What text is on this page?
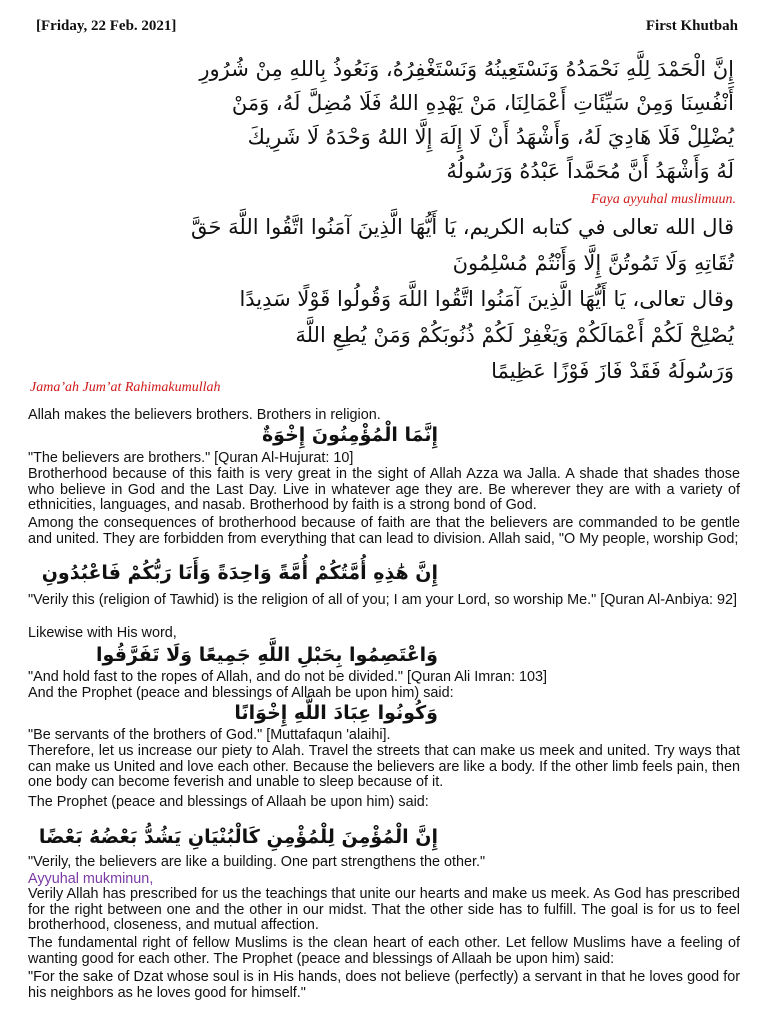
[Friday, 22 Feb. 2021]	First Khutbah
إِنَّ الْحَمْدَ لِلَّهِ نَحْمَدُهُ وَنَسْتَعِينُهُ وَنَسْتَغْفِرُهُ، وَنَعُوذُ بِاللهِ مِنْ شُرُورِ
أَنْفُسِنَا وَمِنْ سَيِّئَاتِ أَعْمَالِنَا، مَنْ يَهْدِهِ اللهُ فَلَا مُضِلَّ لَهُ، وَمَنْ
يُضْلِلْ فَلَا هَادِيَ لَهُ، وَأَشْهَدُ أَنْ لَا إِلَهَ إِلَّا اللهُ وَحْدَهُ لَا شَرِيكَ
لَهُ وَأَشْهَدُ أَنَّ مُحَمَّداً عَبْدُهُ وَرَسُولُهُ
Faya ayyuhal muslimuun.
قال الله تعالى في كتابه الكريم، يَا أَيُّهَا الَّذِينَ آمَنُوا اتَّقُوا اللَّهَ حَقَّ
تُقَاتِهِ وَلَا تَمُوتُنَّ إِلَّا وَأَنْتُمْ مُسْلِمُونَ
وقال تعالى، يَا أَيُّهَا الَّذِينَ آمَنُوا اتَّقُوا اللَّهَ وَقُولُوا قَوْلًا سَدِيدًا
يُصْلِحْ لَكُمْ أَعْمَالَكُمْ وَيَغْفِرْ لَكُمْ ذُنُوبَكُمْ وَمَنْ يُطِعِ اللَّهَ
وَرَسُولَهُ فَقَدْ فَازَ فَوْزًا عَظِيمًا
Jama’ah Jum’at Rahimakumullah
Allah makes the believers brothers. Brothers in religion.
إِنَّمَا الْمُؤْمِنُونَ إِخْوَةٌ
"The believers are brothers." [Quran Al-Hujurat: 10]
Brotherhood because of this faith is very great in the sight of Allah Azza wa Jalla. A shade that shades those who believe in God and the Last Day. Live in whatever age they are. Be wherever they are with a variety of ethnicities, languages, and nasab. Brotherhood by faith is a strong bond of God.
Among the consequences of brotherhood because of faith are that the believers are commanded to be gentle and united. They are forbidden from everything that can lead to division. Allah said, "O My people, worship God;
إِنَّ هَٰذِهِ أُمَّتُكُمْ أُمَّةً وَاحِدَةً وَأَنَا رَبُّكُمْ فَاعْبُدُونِ
"Verily this (religion of Tawhid) is the religion of all of you; I am your Lord, so worship Me." [Quran Al-Anbiya: 92]
Likewise with His word,
وَاعْتَصِمُوا بِحَبْلِ اللَّهِ جَمِيعًا وَلَا تَفَرَّقُوا
"And hold fast to the ropes of Allah, and do not be divided." [Quran Ali Imran: 103]
And the Prophet (peace and blessings of Allaah be upon him) said:
وَكُونُوا عِبَادَ اللَّهِ إِخْوَانًا
"Be servants of the brothers of God." [Muttafaqun 'alaihi].
Therefore, let us increase our piety to Alah. Travel the streets that can make us meek and united. Try ways that can make us United and love each other. Because the believers are like a body. If the other limb feels pain, then one body can become feverish and unable to sleep because of it.
The Prophet (peace and blessings of Allaah be upon him) said:
إِنَّ الْمُؤْمِنَ لِلْمُؤْمِنِ كَالْبُنْيَانِ يَشُدُّ بَعْضُهُ بَعْضًا
"Verily, the believers are like a building. One part strengthens the other."
Ayyuhal mukminun,
Verily Allah has prescribed for us the teachings that unite our hearts and make us meek. As God has prescribed for the right between one and the other in our midst. That the other side has to fulfill. The goal is for us to feel brotherhood, closeness, and mutual affection.
The fundamental right of fellow Muslims is the clean heart of each other. Let fellow Muslims have a feeling of wanting good for each other. The Prophet (peace and blessings of Allaah be upon him) said:
"For the sake of Dzat whose soul is in His hands, does not believe (perfectly) a servant in that he loves good for his neighbors as he loves good for himself."
